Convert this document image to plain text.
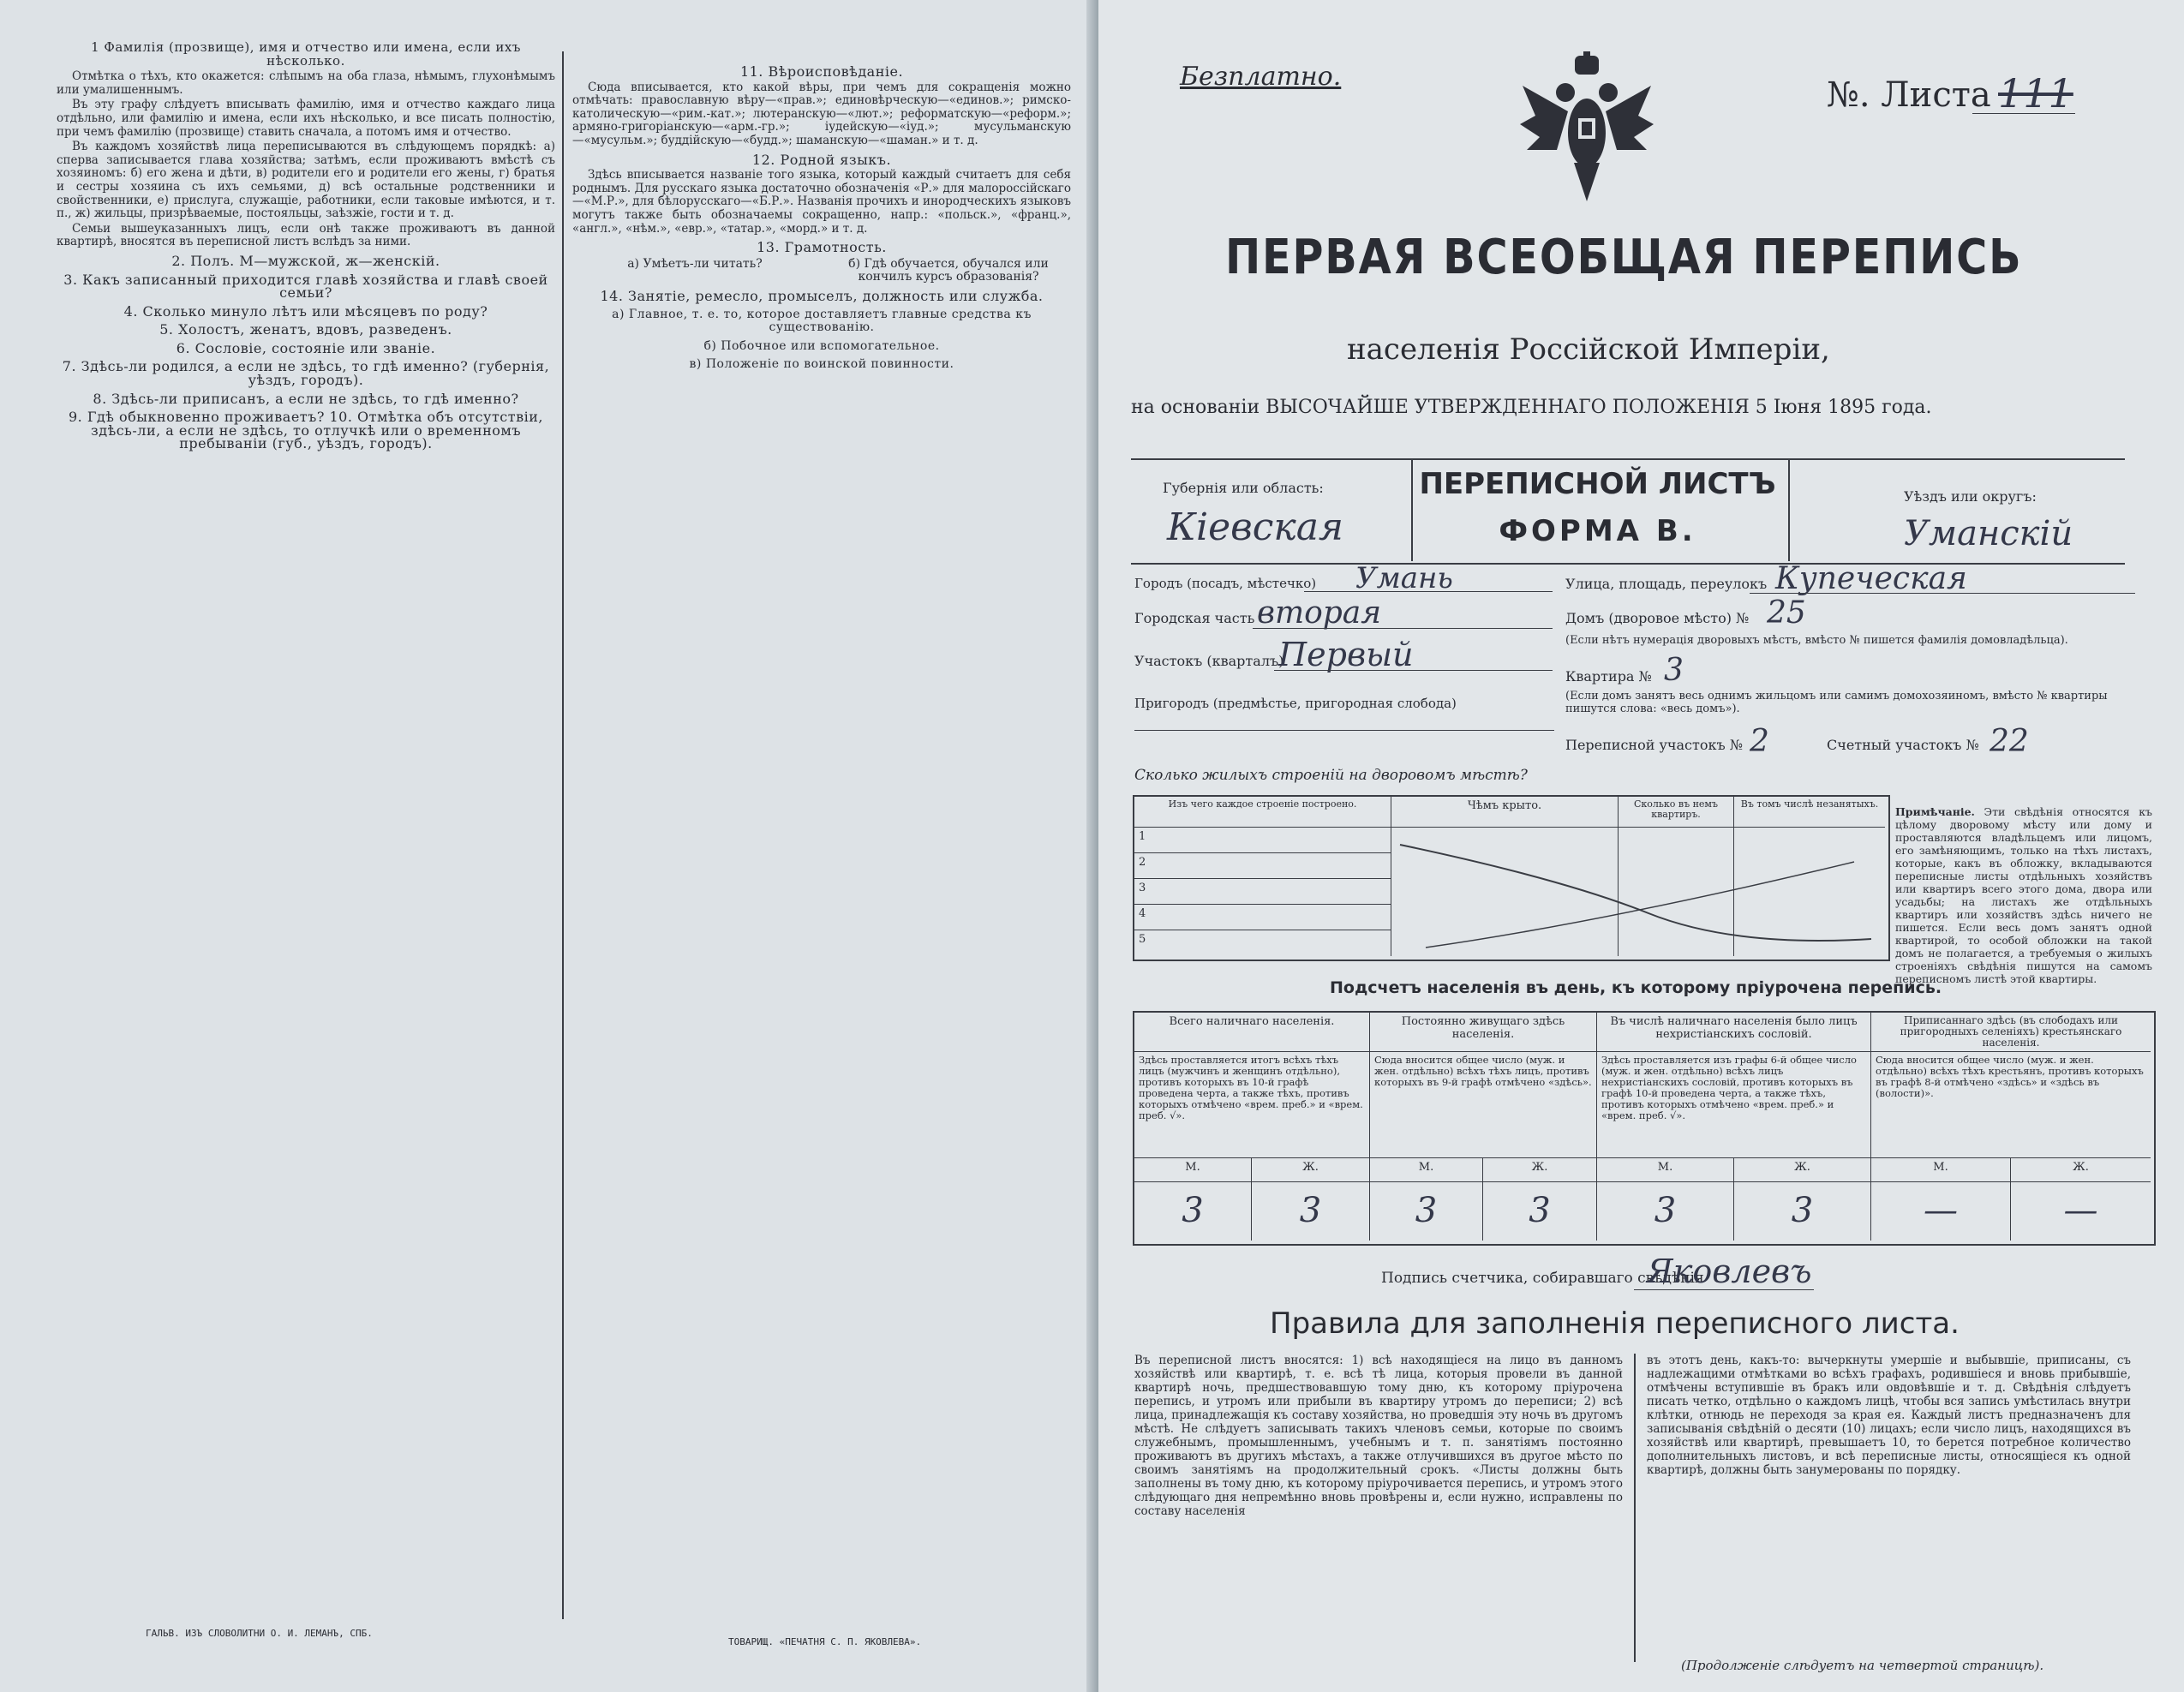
1 Фамилія (прозвище), имя и отчество или имена, если ихъ нѣсколько.

Отмѣтка о тѣхъ, кто окажется: слѣпымъ на оба глаза, нѣмымъ, глухонѣмымъ или умалишеннымъ.

Въ эту графу слѣдуетъ вписывать фамилію, имя и отчество каждаго лица отдѣльно, или фамилію и имена, если ихъ нѣсколько, и все писать полностію, при чемъ фамилію (прозвище) ставить сначала, а потомъ имя и отчество.

Въ каждомъ хозяйствѣ лица переписываются въ слѣдующемъ порядкѣ: а) сперва записывается глава хозяйства; затѣмъ, если проживаютъ вмѣстѣ съ хозяиномъ: б) его жена и дѣти, в) родители его и родители его жены, г) братья и сестры хозяина съ ихъ семьями, д) всѣ остальные родственники и свойственники, е) прислуга, служащіе, работники, если таковые имѣются, и т. п., ж) жильцы, призрѣваемые, постояльцы, заѣзжіе, гости и т. д.

Семьи вышеуказанныхъ лицъ, если онѣ также проживаютъ въ данной квартирѣ, вносятся въ переписной листъ вслѣдъ за ними.

2. Полъ. М—мужской, ж—женскій.

3. Какъ записанный приходится главѣ хозяйства и главѣ своей семьи?

4. Сколько минуло лѣтъ или мѣсяцевъ по роду?

5. Холостъ, женатъ, вдовъ, разведенъ.

6. Сословіе, состояніе или званіе.

7. Здѣсь-ли родился, а если не здѣсь, то гдѣ именно? (губернія, уѣздъ, городъ).

8. Здѣсь-ли приписанъ, а если не здѣсь, то гдѣ именно?

9. Гдѣ обыкновенно проживаетъ? 10. Отмѣтка объ отсутствіи, здѣсь-ли, а если не здѣсь, то отлучкѣ или о временномъ пребываніи (губ., уѣздъ, городъ).

ГАЛЬВ. ИЗЪ СЛОВОЛИТНИ О. И. ЛЕМАНЪ, СПБ.

11. Вѣроисповѣданіе.

Сюда вписывается, кто какой вѣры, при чемъ для сокращенія можно отмѣчать: православную вѣру—«прав.»; единовѣрческую—«единов.»; римско-католическую—«рим.-кат.»; лютеранскую—«лют.»; реформатскую—«реформ.»; армяно-григоріанскую—«арм.-гр.»; іудейскую—«іуд.»; мусульманскую—«мусульм.»; буддійскую—«будд.»; шаманскую—«шаман.» и т. д.

12. Родной языкъ.

Здѣсь вписывается названіе того языка, который каждый считаетъ для себя роднымъ. Для русскаго языка достаточно обозначенія «Р.» для малороссійскаго—«М.Р.», для бѣлорусскаго—«Б.Р.». Названія прочихъ и инородческихъ языковъ могутъ также быть обозначаемы сокращенно, напр.: «польск.», «франц.», «англ.», «нѣм.», «евр.», «татар.», «морд.» и т. д.

13. Грамотность.

а) Умѣетъ-ли читать?	б) Гдѣ обучается, обучался или кончилъ курсъ образованія?

14. Занятіе, ремесло, промыселъ, должность или служба.

а) Главное, т. е. то, которое доставляетъ главные средства къ существованію.

б) Побочное или вспомогательное.

в) Положеніе по воинской повинности.

ТОВАРИЩ. «ПЕЧАТНЯ С. П. ЯКОВЛЕВА».
Безплатно.	№. Листа 111
ПЕРВАЯ ВСЕОБЩАЯ ПЕРЕПИСЬ
населенія Россійской Имперіи,
на основаніи ВЫСОЧАЙШЕ УТВЕРЖДЕННАГО ПОЛОЖЕНІЯ 5 Іюня 1895 года.
ПЕРЕПИСНОЙ ЛИСТЪ
ФОРМА В.
Губернія или область:
Кіевская
Уѣздъ или округъ:
Уманскій
Городъ (посадъ, мѣстечко) Умань	Улица, площадь, переулокъ Купеческая
Городская часть вторая	Домъ (дворовое мѣсто) № 25
(Если нѣтъ нумерація дворовыхъ мѣстъ, вмѣсто № пишется фамилія домовладѣльца).
Участокъ (кварталъ)
Первый
Квартира № 3
(Если домъ занятъ весь однимъ жильцомъ или самимъ домохозяиномъ, вмѣсто № квартиры пишутся слова: «весь домъ»).
Пригородъ (предмѣстье, пригородная слобода)
Переписной участокъ № 2	Счетный участокъ № 22
Сколько жилыхъ строеній на дворовомъ мѣстѣ?
Изъ чего каждое строеніе построено.	Чѣмъ крыто.	Сколько въ немъ квартиръ.
Въ томъ числѣ незанятыхъ.
1
2
3
4
5
Примѣчаніе. Эти свѣдѣнія относятся къ цѣлому дворовому мѣсту или дому и проставляются владѣльцемъ или лицомъ, его замѣняющимъ, только на тѣхъ листахъ, которые, какъ въ обложку, вкладываются переписные листы отдѣльныхъ хозяйствъ или квартиръ всего этого дома, двора или усадьбы; на листахъ же отдѣльныхъ квартиръ или хозяйствъ здѣсь ничего не пишется. Если весь домъ занятъ одной квартирой, то особой обложки на такой домъ не полагается, а требуемыя о жилыхъ строеніяхъ свѣдѣнія пишутся на самомъ переписномъ листѣ этой квартиры.
Подсчетъ населенія въ день, къ которому пріурочена перепись.
Всего наличнаго населенія.	Постоянно живущаго здѣсь населенія.
Въ числѣ наличнаго населенія было лицъ нехристіанскихъ сословій.
Приписаннаго здѣсь (въ слободахъ или пригородныхъ селеніяхъ) крестьянскаго населенія.
Здѣсь проставляется итогъ всѣхъ тѣхъ лицъ (мужчинъ и женщинъ отдѣльно), противъ которыхъ въ 10-й графѣ проведена черта, а также тѣхъ, противъ которыхъ отмѣчено «врем. преб.» и «врем. преб. √».
Сюда вносится общее число (муж. и жен. отдѣльно) всѣхъ тѣхъ лицъ, противъ которыхъ въ 9-й графѣ отмѣчено «здѣсь».
Здѣсь проставляется изъ графы 6-й общее число (муж. и жен. отдѣльно) всѣхъ лицъ нехристіанскихъ сословій, противъ которыхъ въ графѣ 10-й проведена черта, а также тѣхъ, противъ которыхъ отмѣчено «врем. преб.» и «врем. преб. √».
Сюда вносится общее число (муж. и жен. отдѣльно) всѣхъ тѣхъ крестьянъ, противъ которыхъ въ графѣ 8-й отмѣчено «здѣсь» и «здѣсь въ (волости)».
М.	Ж.	М.	Ж.	М.	Ж.	М.	Ж.
3	3	3	3	3	3	—	—
Подпись счетчика, собиравшаго свѣдѣнія
Яковлевъ
Правила для заполненія переписного листа.
Въ переписной листъ вносятся: 1) всѣ находящіеся на лицо въ данномъ хозяйствѣ или квартирѣ, т. е. всѣ тѣ лица, которыя провели въ данной квартирѣ ночь, предшествовавшую тому дню, къ которому пріурочена перепись, и утромъ или прибыли въ квартиру утромъ до переписи; 2) всѣ лица, принадлежащія къ составу хозяйства, но проведшія эту ночь въ другомъ мѣстѣ. Не слѣдуетъ записывать такихъ членовъ семьи, которые по своимъ служебнымъ, промышленнымъ, учебнымъ и т. п. занятіямъ постоянно проживаютъ въ другихъ мѣстахъ, а также отлучившихся въ другое мѣсто по своимъ занятіямъ на продолжительный срокъ. «Листы должны быть заполнены въ тому дню, къ которому пріурочивается перепись, и утромъ этого слѣдующаго дня непремѣнно вновь провѣрены и, если нужно, исправлены по составу населенія
въ этотъ день, какъ-то: вычеркнуты умершіе и выбывшіе, приписаны, съ надлежащими отмѣтками во всѣхъ графахъ, родившіеся и вновь прибывшіе, отмѣчены вступившіе въ бракъ или овдовѣвшіе и т. д. Свѣдѣнія слѣдуетъ писать четко, отдѣльно о каждомъ лицѣ, чтобы вся запись умѣстилась внутри клѣтки, отнюдь не переходя за края ея. Каждый листъ предназначенъ для записыванія свѣдѣній о десяти (10) лицахъ; если число лицъ, находящихся въ хозяйствѣ или квартирѣ, превышаетъ 10, то берется потребное количество дополнительныхъ листовъ, и всѣ переписные листы, относящіеся къ одной квартирѣ, должны быть занумерованы по порядку.
(Продолженіе слѣдуетъ на четвертой страницѣ).
